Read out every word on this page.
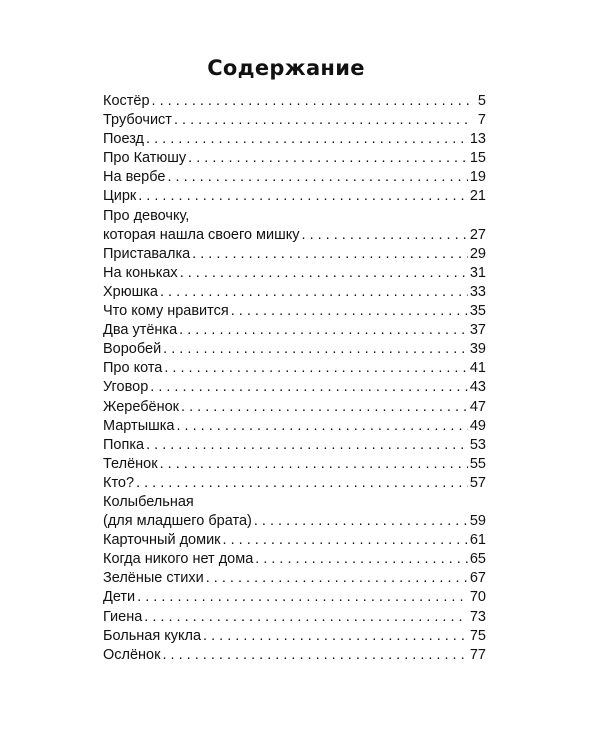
Содержание
Костёр . . .	5
Трубочист . . .	7
Поезд . . .	13
Про Катюшу . . .	15
На вербе . . .	19
Цирк . . .	21
Про девочку,
которая нашла своего мишку . . .	27
Приставалка . . .	29
На коньках . . .	31
Хрюшка . . .	33
Что кому нравится . . .	35
Два утёнка . . .	37
Воробей . . .	39
Про кота . . .	41
Уговор . . .	43
Жеребёнок . . .	47
Мартышка . . .	49
Попка . . .	53
Телёнок . . .	55
Кто? . . .	57
Колыбельная
(для младшего брата) . . .	59
Карточный домик . . .	61
Когда никого нет дома . . .	65
Зелёные стихи . . .	67
Дети . . .	70
Гиена . . .	73
Больная кукла . . .	75
Ослёнок . . .	77
